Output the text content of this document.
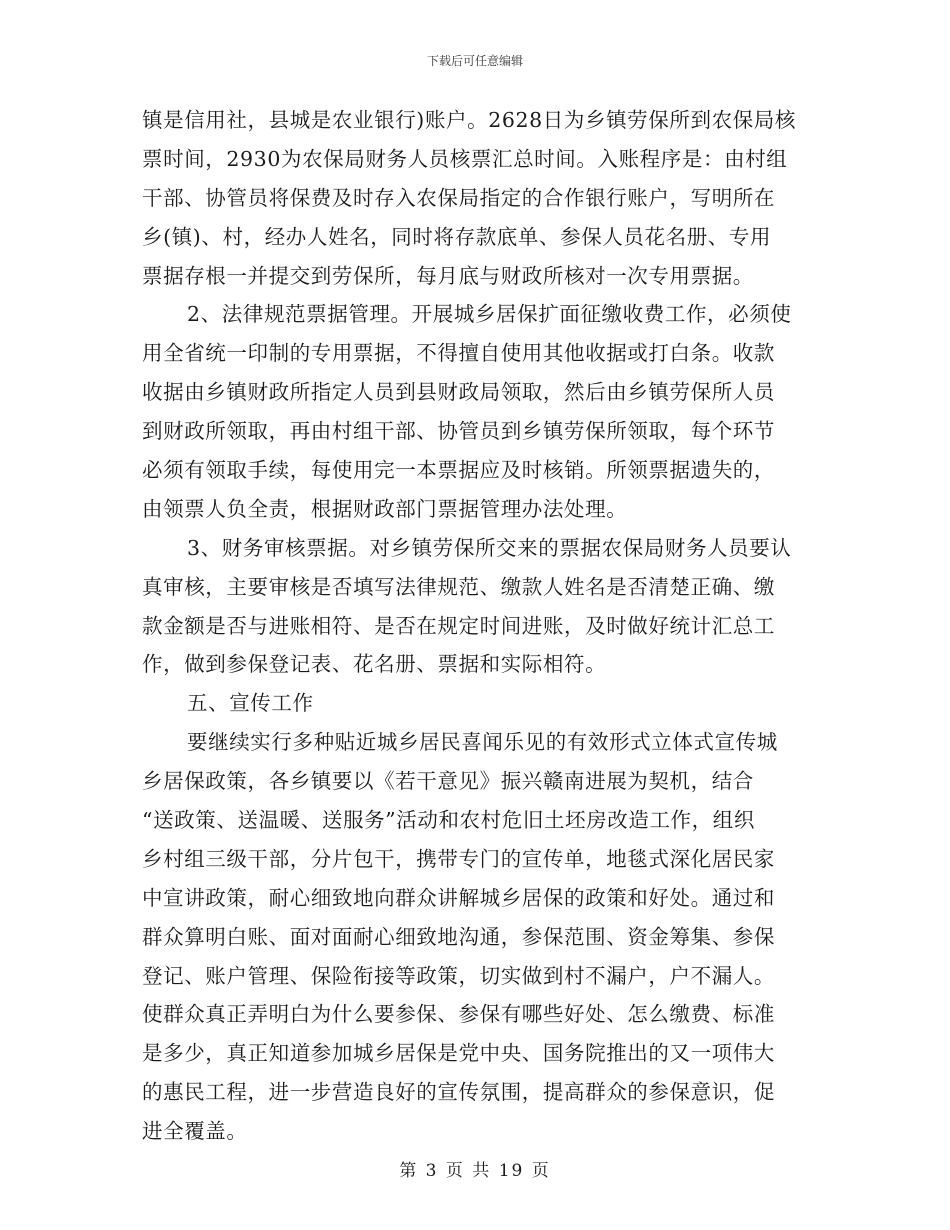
下载后可任意编辑
镇是信用社，县城是农业银行)账户。2628日为乡镇劳保所到农保局核
票时间，2930为农保局财务人员核票汇总时间。入账程序是：由村组
干部、协管员将保费及时存入农保局指定的合作银行账户，写明所在
乡(镇)、村，经办人姓名，同时将存款底单、参保人员花名册、专用
票据存根一并提交到劳保所，每月底与财政所核对一次专用票据。
2、法律规范票据管理。开展城乡居保扩面征缴收费工作，必须使
用全省统一印制的专用票据，不得擅自使用其他收据或打白条。收款
收据由乡镇财政所指定人员到县财政局领取，然后由乡镇劳保所人员
到财政所领取，再由村组干部、协管员到乡镇劳保所领取，每个环节
必须有领取手续，每使用完一本票据应及时核销。所领票据遗失的，
由领票人负全责，根据财政部门票据管理办法处理。
3、财务审核票据。对乡镇劳保所交来的票据农保局财务人员要认
真审核，主要审核是否填写法律规范、缴款人姓名是否清楚正确、缴
款金额是否与进账相符、是否在规定时间进账，及时做好统计汇总工
作，做到参保登记表、花名册、票据和实际相符。
五、宣传工作
要继续实行多种贴近城乡居民喜闻乐见的有效形式立体式宣传城
乡居保政策，各乡镇要以《若干意见》振兴赣南进展为契机，结合
“送政策、送温暖、送服务”活动和农村危旧土坯房改造工作，组织
乡村组三级干部，分片包干，携带专门的宣传单，地毯式深化居民家
中宣讲政策，耐心细致地向群众讲解城乡居保的政策和好处。通过和
群众算明白账、面对面耐心细致地沟通，参保范围、资金筹集、参保
登记、账户管理、保险衔接等政策，切实做到村不漏户，户不漏人。
使群众真正弄明白为什么要参保、参保有哪些好处、怎么缴费、标准
是多少，真正知道参加城乡居保是党中央、国务院推出的又一项伟大
的惠民工程，进一步营造良好的宣传氛围，提高群众的参保意识，促
进全覆盖。
第 3 页 共 19 页
